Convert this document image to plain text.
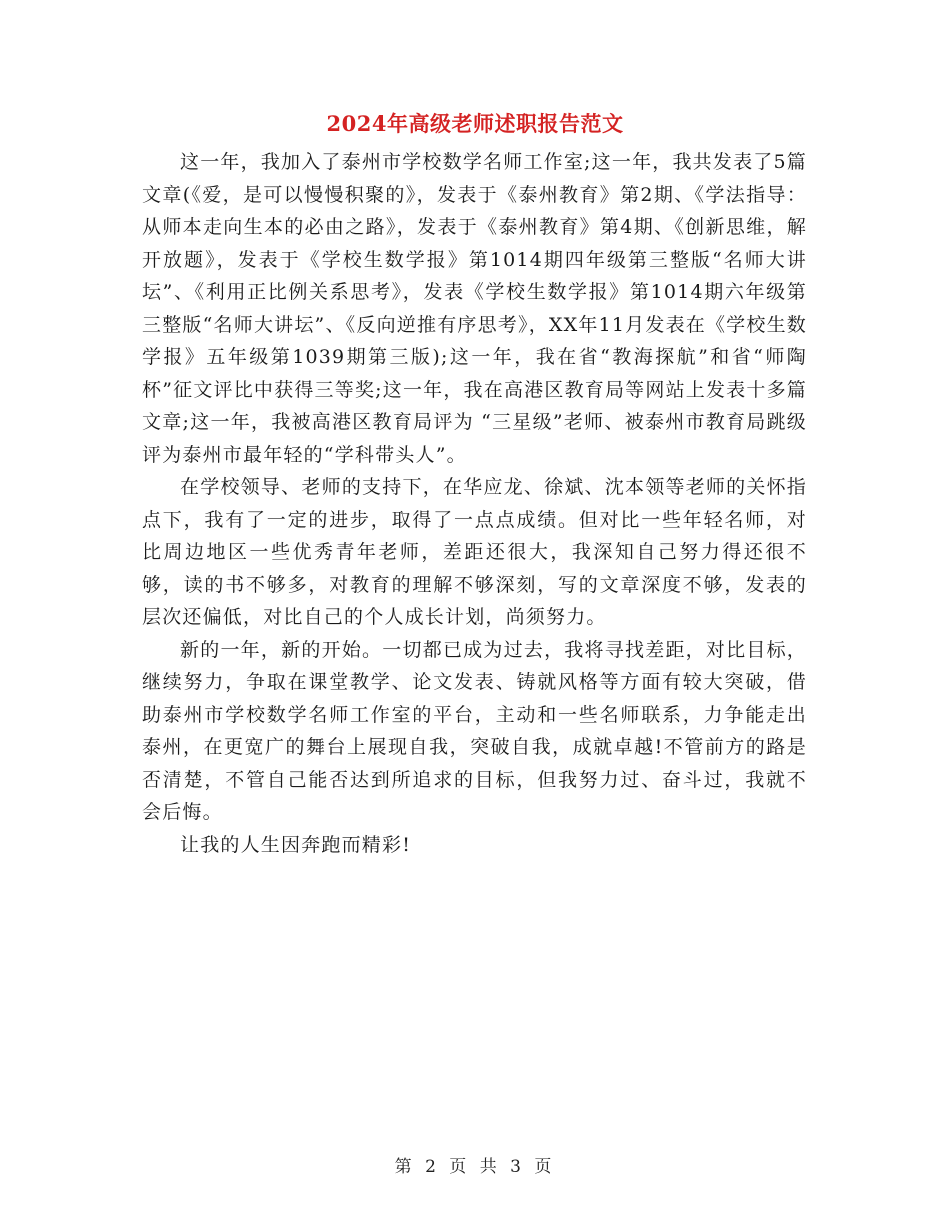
2024年高级老师述职报告范文

这一年，我加入了泰州市学校数学名师工作室;这一年，我共发表了5篇文章(《爱，是可以慢慢积聚的》，发表于《泰州教育》第2期、《学法指导：从师本走向生本的必由之路》，发表于《泰州教育》第4期、《创新思维，解开放题》，发表于《学校生数学报》第1014期四年级第三整版“名师大讲坛”、《利用正比例关系思考》，发表《学校生数学报》第1014期六年级第三整版“名师大讲坛”、《反向逆推有序思考》，XX年11月发表在《学校生数学报》五年级第1039期第三版);这一年，我在省“教海探航”和省“师陶杯”征文评比中获得三等奖;这一年，我在高港区教育局等网站上发表十多篇文章;这一年，我被高港区教育局评为 “三星级”老师、被泰州市教育局跳级评为泰州市最年轻的“学科带头人”。

在学校领导、老师的支持下，在华应龙、徐斌、沈本领等老师的关怀指点下，我有了一定的进步，取得了一点点成绩。但对比一些年轻名师，对比周边地区一些优秀青年老师，差距还很大，我深知自己努力得还很不够，读的书不够多，对教育的理解不够深刻，写的文章深度不够，发表的层次还偏低，对比自己的个人成长计划，尚须努力。

新的一年，新的开始。一切都已成为过去，我将寻找差距，对比目标，继续努力，争取在课堂教学、论文发表、铸就风格等方面有较大突破，借助泰州市学校数学名师工作室的平台，主动和一些名师联系，力争能走出泰州，在更宽广的舞台上展现自我，突破自我，成就卓越!不管前方的路是否清楚，不管自己能否达到所追求的目标，但我努力过、奋斗过，我就不会后悔。

让我的人生因奔跑而精彩!

第 2 页 共 3 页
